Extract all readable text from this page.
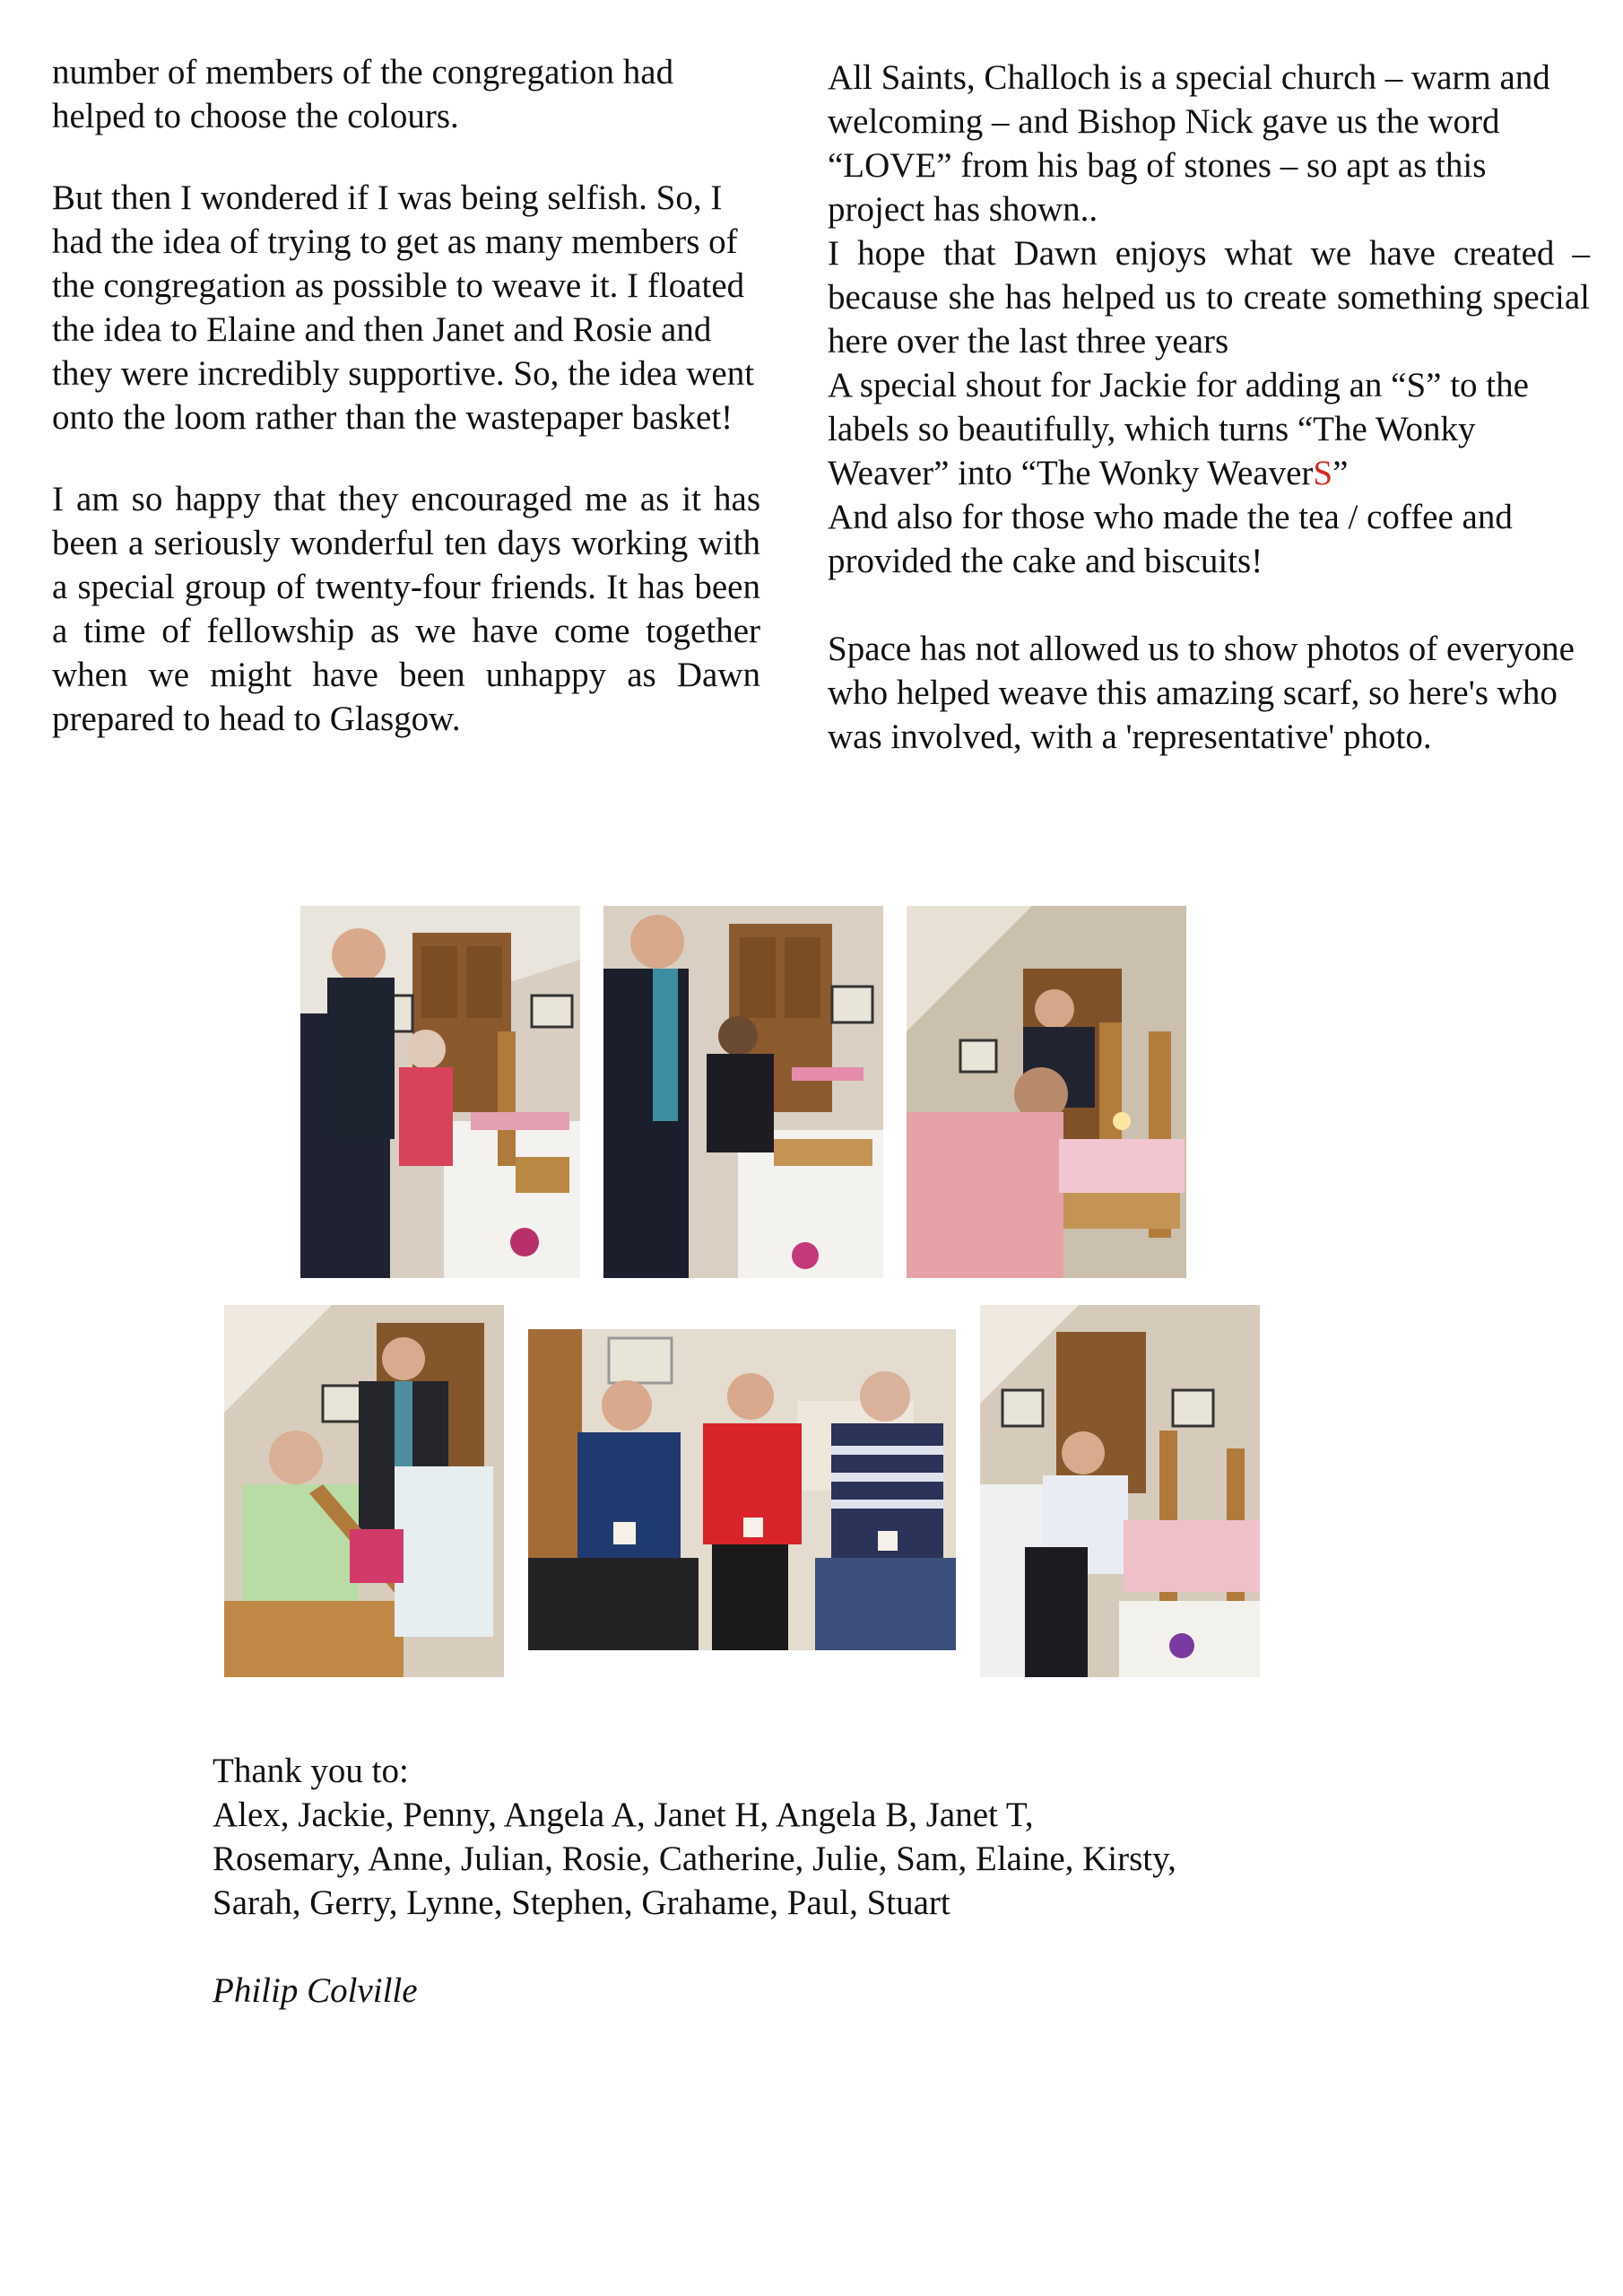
number of members of the congregation had helped to choose the colours.

But then I wondered if I was being selfish. So, I had the idea of trying to get as many members of the congregation as possible to weave it. I floated the idea to Elaine and then Janet and Rosie and they were incredibly supportive. So, the idea went onto the loom rather than the wastepaper basket!

I am so happy that they encouraged me as it has been a seriously wonderful ten days working with a special group of twenty-four friends. It has been a time of fellowship as we have come together when we might have been unhappy as Dawn prepared to head to Glasgow.

All Saints, Challoch is a special church – warm and welcoming – and Bishop Nick gave us the word “LOVE” from his bag of stones – so apt as this project has shown..

I hope that Dawn enjoys what we have created – because she has helped us to create something special here over the last three years

A special shout for Jackie for adding an “S” to the labels so beautifully, which turns “The Wonky Weaver” into “The Wonky WeaverS”

And also for those who made the tea / coffee and provided the cake and biscuits!

Space has not allowed us to show photos of everyone who helped weave this amazing scarf, so here's who was involved, with a 'representative' photo.

Thank you to:

Alex, Jackie, Penny, Angela A, Janet H, Angela B, Janet T,

Rosemary, Anne, Julian, Rosie, Catherine, Julie, Sam, Elaine, Kirsty,

Sarah, Gerry, Lynne, Stephen, Grahame, Paul, Stuart

Philip Colville
